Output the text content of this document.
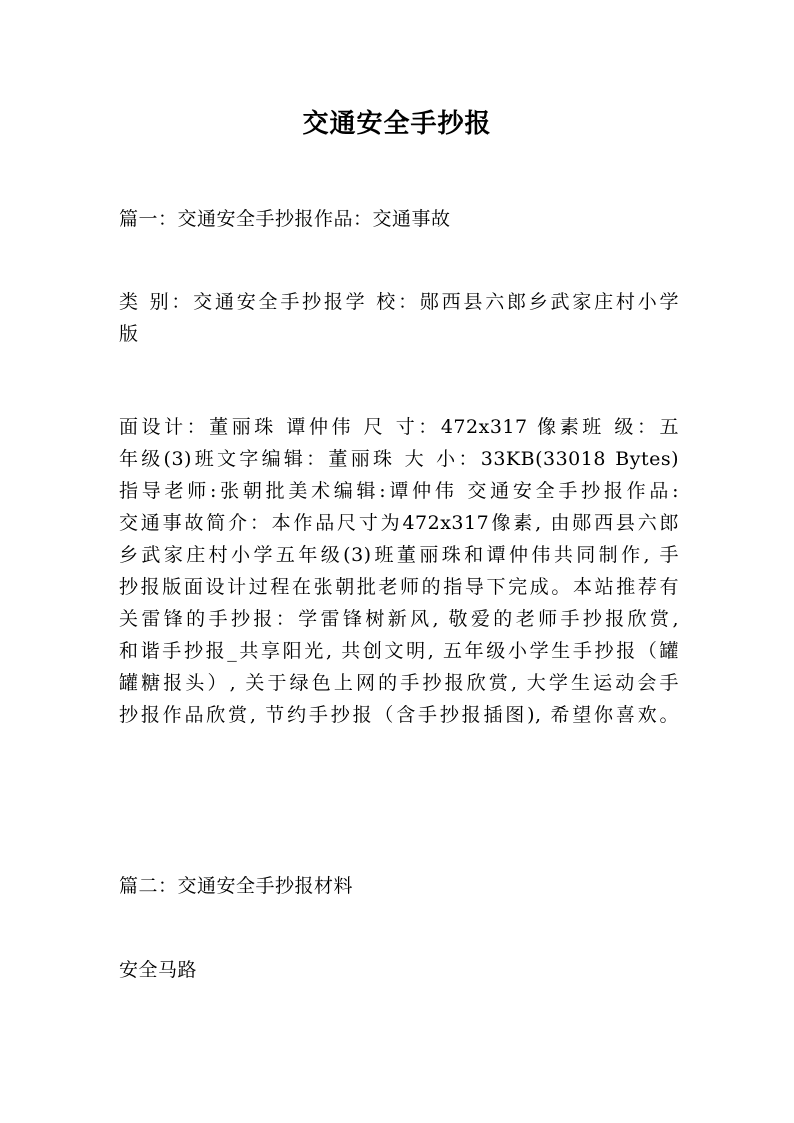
交通安全手抄报
篇一：交通安全手抄报作品：交通事故
类 别：交通安全手抄报学 校：郧西县六郎乡武家庄村小学
版
面设计：董丽珠 谭仲伟 尺 寸：472x317 像素班 级：五
年级(3)班文字编辑：董丽珠 大 小：33KB(33018 Bytes)
指导老师:张朝批美术编辑:谭仲伟 交通安全手抄报作品:
交通事故简介：本作品尺寸为472x317像素, 由郧西县六郎
乡武家庄村小学五年级(3)班董丽珠和谭仲伟共同制作, 手
抄报版面设计过程在张朝批老师的指导下完成。本站推荐有
关雷锋的手抄报：学雷锋树新风, 敬爱的老师手抄报欣赏,
和谐手抄报_共享阳光, 共创文明, 五年级小学生手抄报（罐
罐糖报头）, 关于绿色上网的手抄报欣赏, 大学生运动会手
抄报作品欣赏, 节约手抄报（含手抄报插图), 希望你喜欢。
篇二：交通安全手抄报材料
安全马路
